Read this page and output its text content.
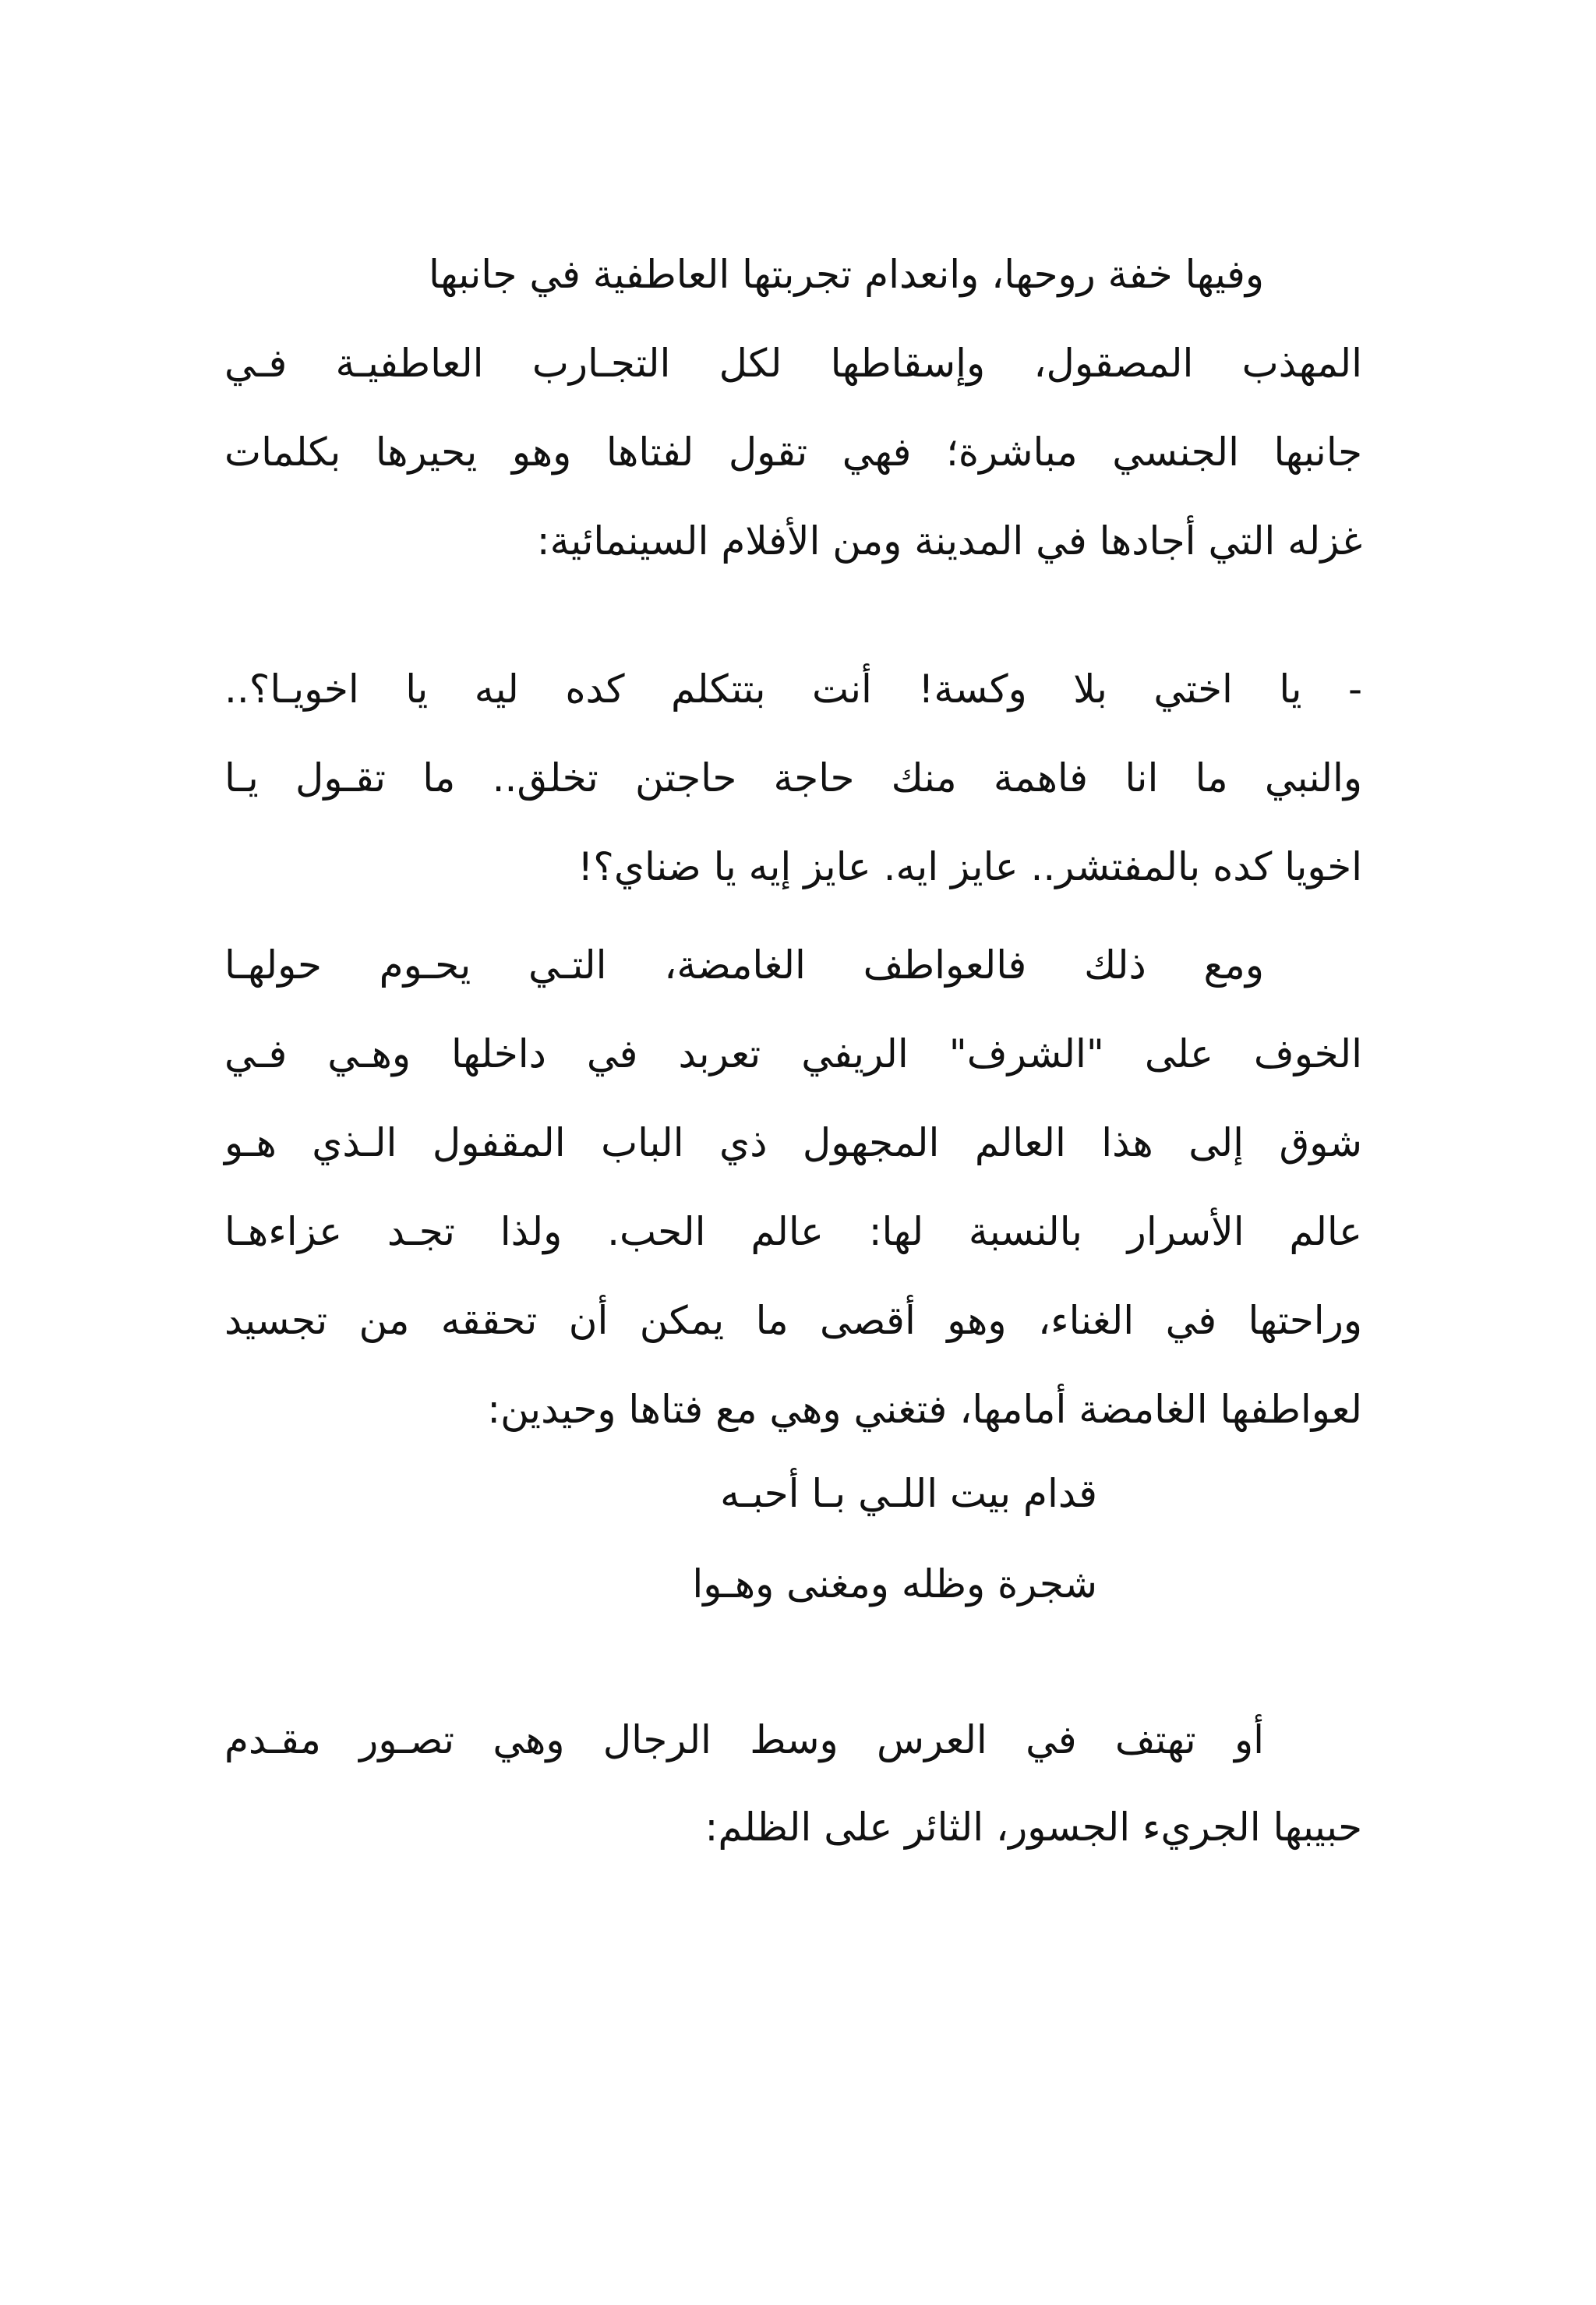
وفيها خفة روحها، وانعدام تجربتها العاطفية في جانبها

المهذب المصقول، وإسقاطها لكل التجـارب العاطفيـة فـي

جانبها الجنسي مباشرة؛ فهي تقول لفتاها وهو يحيرها بكلمات

غزله التي أجادها في المدينة ومن الأفلام السينمائية:

- يا اختي بلا وكسة! أنت بتتكلم كده ليه يا اخويـا؟..

والنبي ما انا فاهمة منك حاجة حاجتن تخلق.. ما تقـول يـا

اخويا كده بالمفتشر.. عايز ايه. عايز إيه يا ضناي؟!

ومع ذلك فالعواطف الغامضة، التـي يحـوم حولهـا

الخوف على "الشرف" الريفي تعربد في داخلها وهـي فـي

شوق إلى هذا العالم المجهول ذي الباب المقفول الـذي هـو

عالم الأسرار بالنسبة لها: عالم الحب. ولذا تجـد عزاءهـا

وراحتها في الغناء، وهو أقصى ما يمكن أن تحققه من تجسيد

لعواطفها الغامضة أمامها، فتغني وهي مع فتاها وحيدين:

قدام بيت اللـي بـا أحبـه

شجرة وظله ومغنى وهـوا

أو تهتف في العرس وسط الرجال وهي تصـور مقـدم

حبيبها الجريء الجسور، الثائر على الظلم:
